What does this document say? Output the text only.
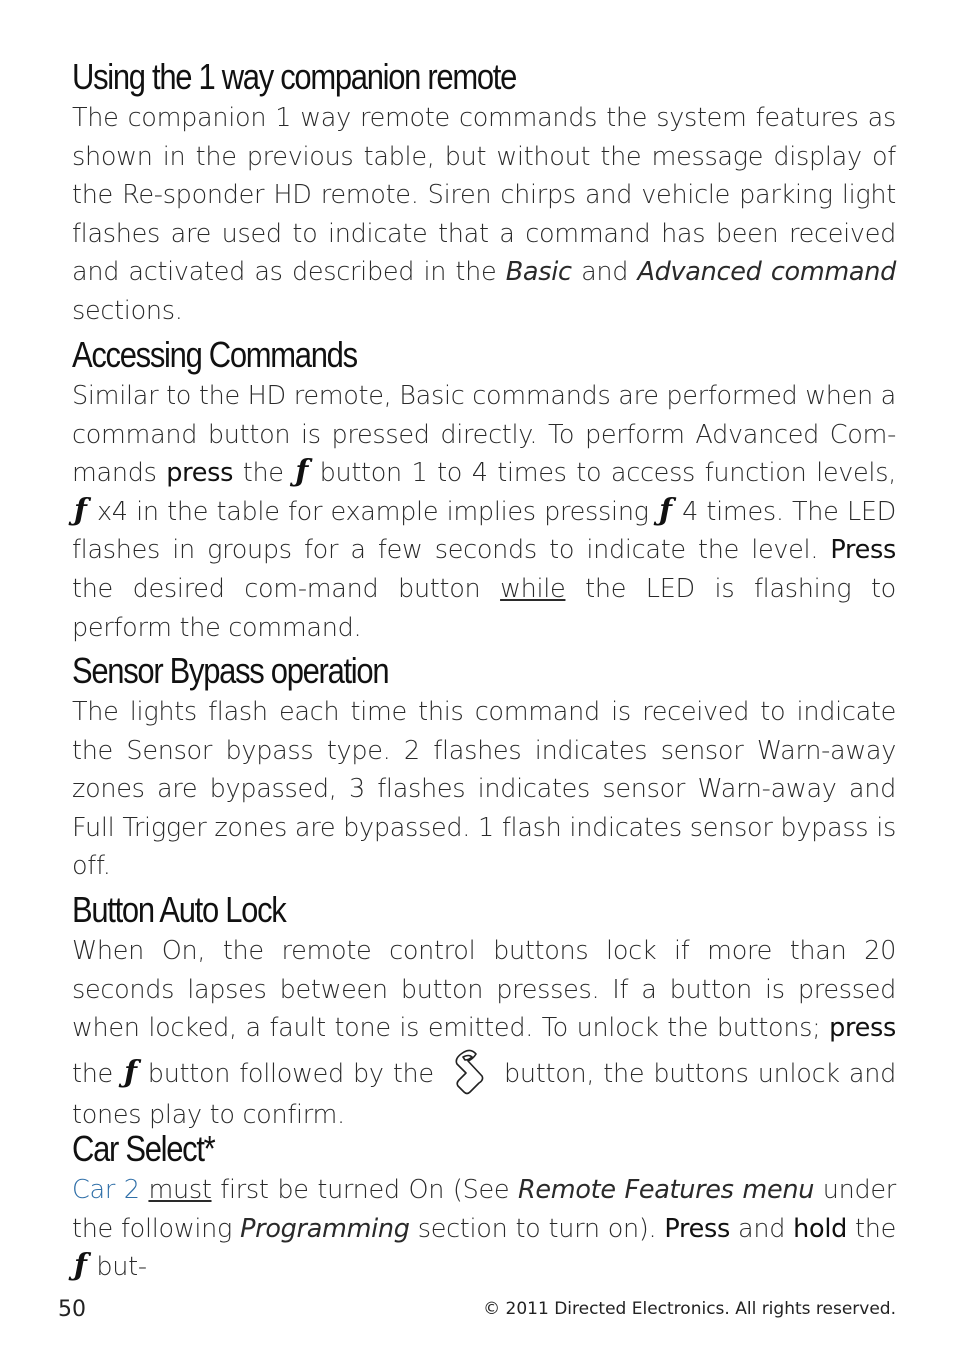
Using the 1 way companion remote
The companion 1 way remote commands the system features as shown in the previous table, but without the message display of the Re-sponder HD remote. Siren chirps and vehicle parking light flashes are used to indicate that a command has been received and activated as described in the Basic and Advanced command sections.
Accessing Commands
Similar to the HD remote, Basic commands are performed when a command button is pressed directly. To perform Advanced Com-mands press the ƒ button 1 to 4 times to access function levels, ƒ x4 in the table for example implies pressing ƒ 4 times. The LED flashes in groups for a few seconds to indicate the level. Press the desired com-mand button while the LED is flashing to perform the command.
Sensor Bypass operation
The lights flash each time this command is received to indicate the Sensor bypass type. 2 flashes indicates sensor Warn-away zones are bypassed, 3 flashes indicates sensor Warn-away and Full Trigger zones are bypassed. 1 flash indicates sensor bypass is off.
Button Auto Lock
When On, the remote control buttons lock if more than 20 seconds lapses between button presses. If a button is pressed when locked, a fault tone is emitted. To unlock the buttons; press the ƒ button followed by the  button, the buttons unlock and tones play to confirm.
Car Select*
Car 2 must first be turned On (See Remote Features menu under the following Programming section to turn on). Press and hold the ƒ but-
50	© 2011 Directed Electronics. All rights reserved.
